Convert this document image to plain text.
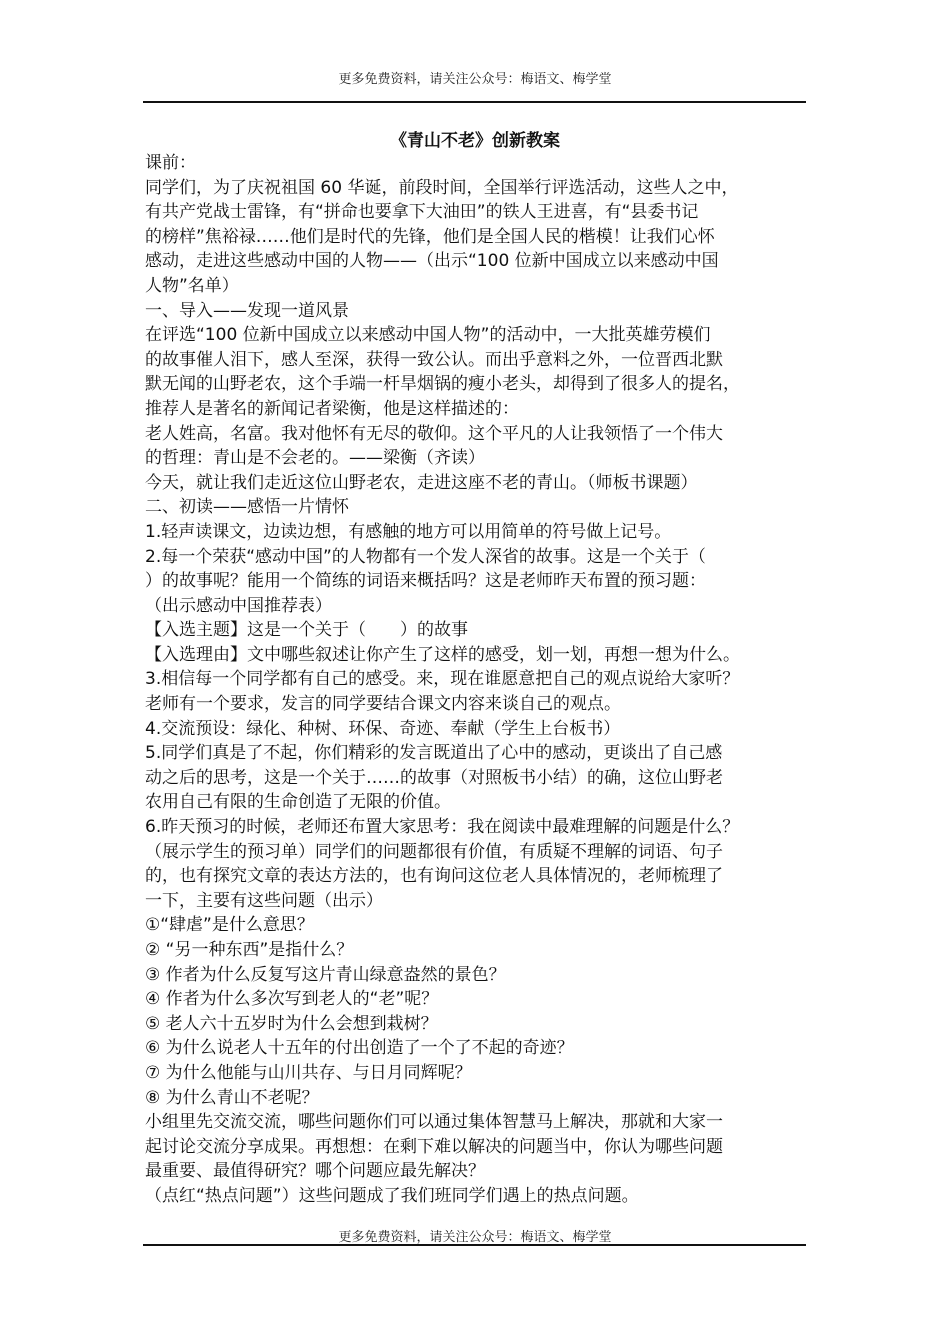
更多免费资料，请关注公众号：梅语文、梅学堂
《青山不老》创新教案
课前：
同学们，为了庆祝祖国 60 华诞，前段时间，全国举行评选活动，这些人之中，
有共产党战士雷锋，有“拼命也要拿下大油田”的铁人王进喜，有“县委书记
的榜样”焦裕禄……他们是时代的先锋，他们是全国人民的楷模！让我们心怀
感动，走进这些感动中国的人物——（出示“100 位新中国成立以来感动中国
人物”名单）
一、导入——发现一道风景
在评选“100 位新中国成立以来感动中国人物”的活动中，一大批英雄劳模们
的故事催人泪下，感人至深，获得一致公认。而出乎意料之外，一位晋西北默
默无闻的山野老农，这个手端一杆旱烟锅的瘦小老头，却得到了很多人的提名，
推荐人是著名的新闻记者梁衡，他是这样描述的：
老人姓高，名富。我对他怀有无尽的敬仰。这个平凡的人让我领悟了一个伟大
的哲理：青山是不会老的。——梁衡（齐读）
今天，就让我们走近这位山野老农，走进这座不老的青山。（师板书课题）
二、初读——感悟一片情怀
1.轻声读课文，边读边想，有感触的地方可以用简单的符号做上记号。
2.每一个荣获“感动中国”的人物都有一个发人深省的故事。这是一个关于（
）的故事呢？能用一个简练的词语来概括吗？这是老师昨天布置的预习题：
（出示感动中国推荐表）
【入选主题】这是一个关于（　　）的故事
【入选理由】文中哪些叙述让你产生了这样的感受，划一划，再想一想为什么。
3.相信每一个同学都有自己的感受。来，现在谁愿意把自己的观点说给大家听？
老师有一个要求，发言的同学要结合课文内容来谈自己的观点。
4.交流预设：绿化、种树、环保、奇迹、奉献（学生上台板书）
5.同学们真是了不起，你们精彩的发言既道出了心中的感动，更谈出了自己感
动之后的思考，这是一个关于……的故事（对照板书小结）的确，这位山野老
农用自己有限的生命创造了无限的价值。
6.昨天预习的时候，老师还布置大家思考：我在阅读中最难理解的问题是什么？
（展示学生的预习单）同学们的问题都很有价值，有质疑不理解的词语、句子
的，也有探究文章的表达方法的，也有询问这位老人具体情况的，老师梳理了
一下，主要有这些问题（出示）
①“肆虐”是什么意思？
② “另一种东西”是指什么？
③ 作者为什么反复写这片青山绿意盎然的景色？
④ 作者为什么多次写到老人的“老”呢？
⑤ 老人六十五岁时为什么会想到栽树？
⑥ 为什么说老人十五年的付出创造了一个了不起的奇迹？
⑦ 为什么他能与山川共存、与日月同辉呢？
⑧ 为什么青山不老呢？
小组里先交流交流，哪些问题你们可以通过集体智慧马上解决，那就和大家一
起讨论交流分享成果。再想想：在剩下难以解决的问题当中，你认为哪些问题
最重要、最值得研究？哪个问题应最先解决？
（点红“热点问题”）这些问题成了我们班同学们遇上的热点问题。
更多免费资料，请关注公众号：梅语文、梅学堂
